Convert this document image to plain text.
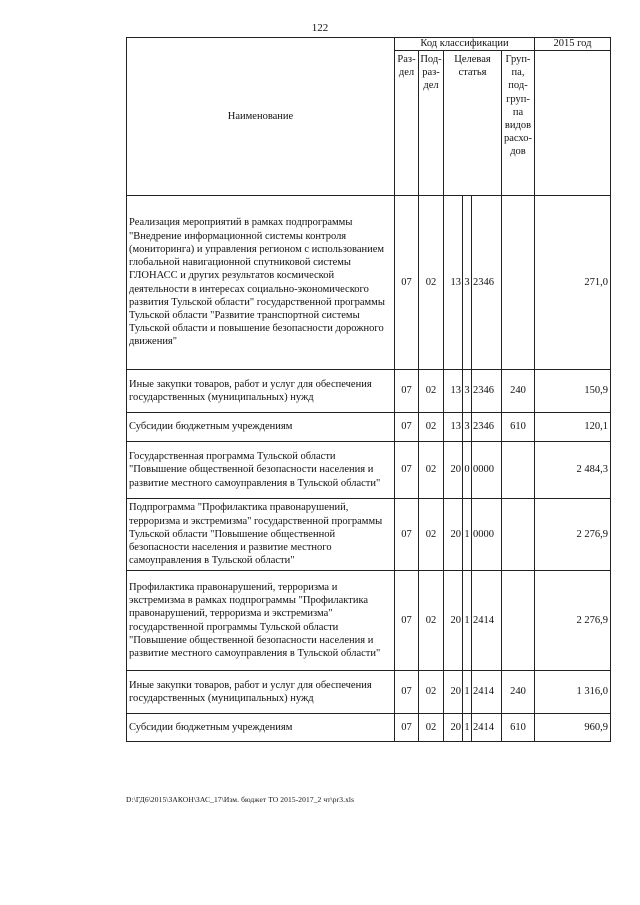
122
Наименование	Код классификации						2015 год
	Раз- дел	Под- раз- дел	Целевая статья			Груп- па, под- груп- па видов расхо- дов	
Реализация мероприятий в рамках подпрограммы "Внедрение информационной системы контроля (мониторинга) и управления регионом с использованием глобальной навигационной спутниковой системы ГЛОНАСС и других результатов космической деятельности в интересах социально-экономического развития Тульской области" государственной программы Тульской области "Развитие транспортной системы Тульской области и повышение безопасности дорожного движения"	07	02	13	3	2346		271,0
Иные закупки товаров, работ и услуг для обеспечения государственных (муниципальных) нужд	07	02	13	3	2346	240	150,9
Субсидии бюджетным учреждениям	07	02	13	3	2346	610	120,1
Государственная программа Тульской области "Повышение общественной безопасности населения и развитие местного самоуправления в Тульской области"	07	02	20	0	0000		2 484,3
Подпрограмма "Профилактика правонарушений, терроризма и экстремизма" государственной программы Тульской области "Повышение общественной безопасности населения и развитие местного самоуправления в Тульской области"	07	02	20	1	0000		2 276,9
Профилактика правонарушений, терроризма и экстремизма в рамках подпрограммы "Профилактика правонарушений, терроризма и экстремизма" государственной программы Тульской области "Повышение общественной безопасности населения и развитие местного самоуправления в Тульской области"	07	02	20	1	2414		2 276,9
Иные закупки товаров, работ и услуг для обеспечения государственных (муниципальных) нужд	07	02	20	1	2414	240	1 316,0
Субсидии бюджетным учреждениям	07	02	20	1	2414	610	960,9
D:\ГД6\2015\ЗАКОН\ЗАС_17\Изм. бюджет ТО 2015-2017_2 чт\pr3.xls
